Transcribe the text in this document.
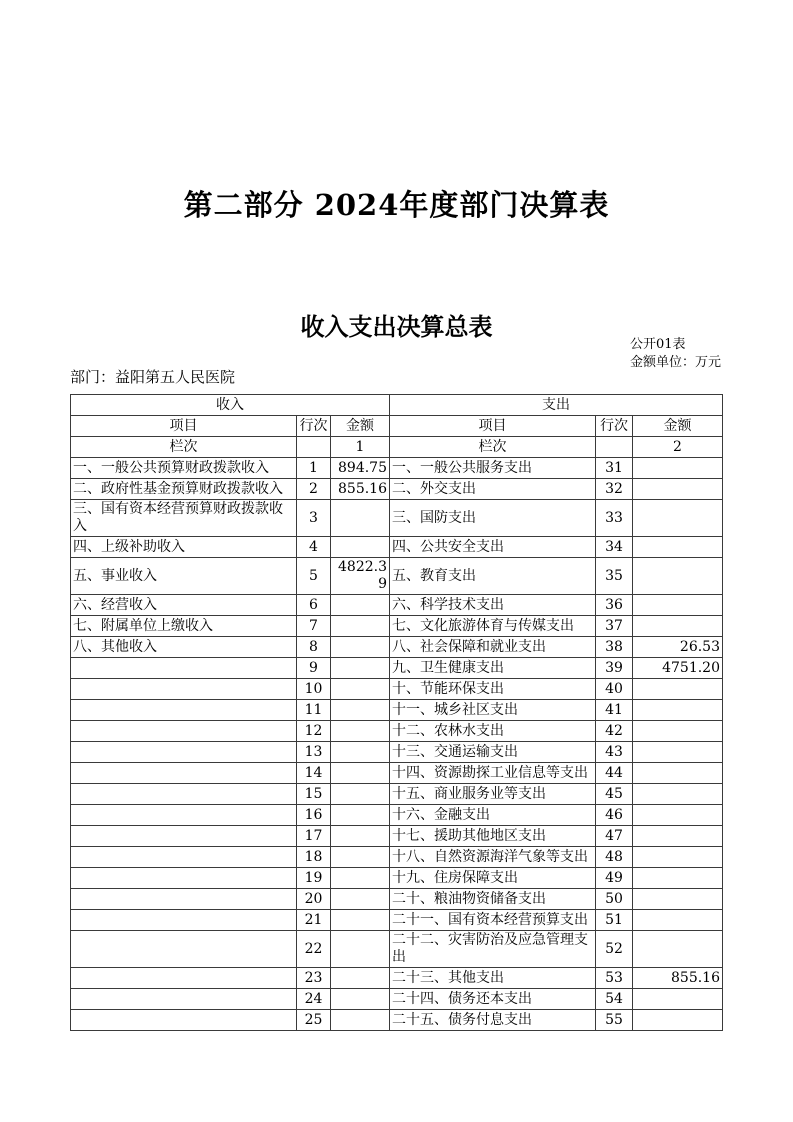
第二部分 2024年度部门决算表
收入支出决算总表
公开01表
金额单位：万元
部门：益阳第五人民医院
收入			支出		
项目	行次	金额	项目	行次	金额
栏次		1	栏次		2
一、一般公共预算财政拨款收入	1	894.75	一、一般公共服务支出	31	
二、政府性基金预算财政拨款收入	2	855.16	二、外交支出	32	
三、国有资本经营预算财政拨款收入	3		三、国防支出	33	
四、上级补助收入	4		四、公共安全支出	34	
五、事业收入	5	4822.39	五、教育支出	35	
六、经营收入	6		六、科学技术支出	36	
七、附属单位上缴收入	7		七、文化旅游体育与传媒支出	37	
八、其他收入	8		八、社会保障和就业支出	38	26.53
	9		九、卫生健康支出	39	4751.20
	10		十、节能环保支出	40	
	11		十一、城乡社区支出	41	
	12		十二、农林水支出	42	
	13		十三、交通运输支出	43	
	14		十四、资源勘探工业信息等支出	44	
	15		十五、商业服务业等支出	45	
	16		十六、金融支出	46	
	17		十七、援助其他地区支出	47	
	18		十八、自然资源海洋气象等支出	48	
	19		十九、住房保障支出	49	
	20		二十、粮油物资储备支出	50	
	21		二十一、国有资本经营预算支出	51	
	22		二十二、灾害防治及应急管理支出	52	
	23		二十三、其他支出	53	855.16
	24		二十四、债务还本支出	54	
	25		二十五、债务付息支出	55	
